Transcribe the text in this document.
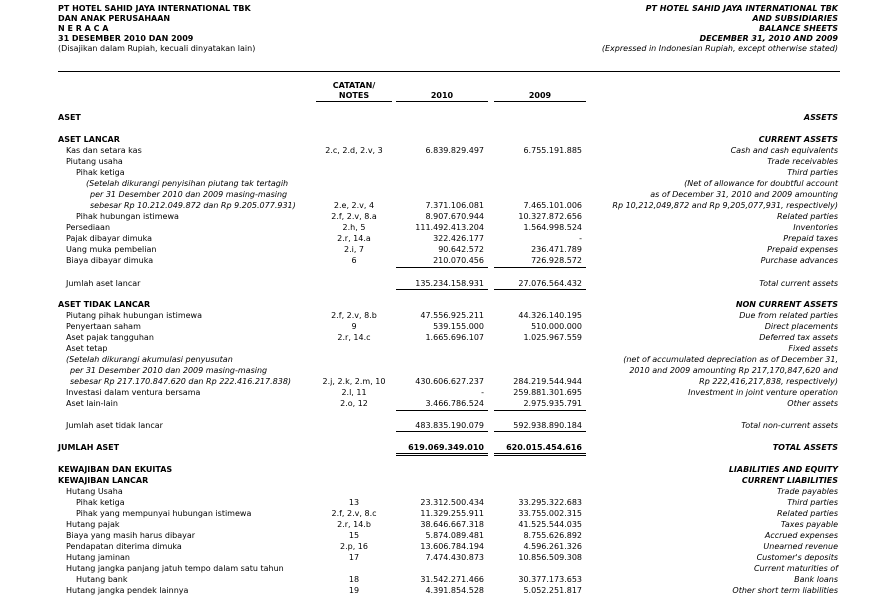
PT HOTEL SAHID JAYA INTERNATIONAL TBK
DAN ANAK PERUSAHAAN
N E R A C A
31 DESEMBER 2010 DAN 2009
(Disajikan dalam Rupiah, kecuali dinyatakan lain)
PT HOTEL SAHID JAYA INTERNATIONAL TBK
AND SUBSIDIARIES
BALANCE SHEETS
DECEMBER 31, 2010 AND 2009
(Expressed in Indonesian Rupiah, except otherwise stated)
CATATAN/
NOTES	2010	2009
ASET	ASSETS
ASET LANCAR	CURRENT ASSETS
Kas dan setara kas	2.c, 2.d, 2.v, 3	6.839.829.497	6.755.191.885	Cash and cash equivalents
Piutang usaha	Trade receivables
Pihak ketiga	Third parties
(Setelah dikurangi penyisihan piutang tak tertagih	(Net of allowance for doubtful account
per 31 Desember 2010 dan 2009 masing-masing	as of December 31, 2010 and 2009 amounting
sebesar Rp 10.212.049.872 dan Rp 9.205.077.931)	2.e, 2.v, 4	7.371.106.081	7.465.101.006	Rp 10,212,049,872 and Rp 9,205,077,931, respectively)
Pihak hubungan istimewa	2.f, 2.v, 8.a	8.907.670.944	10.327.872.656	Related parties
Persediaan	2.h, 5	111.492.413.204	1.564.998.524	Inventories
Pajak dibayar dimuka	2.r, 14.a	322.426.177	-	Prepaid taxes
Uang muka pembelian	2.i, 7	90.642.572	236.471.789	Prepaid expenses
Biaya dibayar dimuka	6	210.070.456	726.928.572	Purchase advances
Jumlah aset lancar	135.234.158.931	27.076.564.432	Total current assets
ASET TIDAK LANCAR	NON CURRENT ASSETS
Piutang pihak hubungan istimewa	2.f, 2.v, 8.b	47.556.925.211	44.326.140.195	Due from related parties
Penyertaan saham	9	539.155.000	510.000.000	Direct placements
Aset pajak tangguhan	2.r, 14.c	1.665.696.107	1.025.967.559	Deferred tax assets
Aset tetap	Fixed assets
(Setelah dikurangi akumulasi penyusutan	(net of accumulated depreciation as of December 31,
per 31 Desember 2010 dan 2009 masing-masing	2010 and 2009 amounting Rp 217,170,847,620 and
sebesar Rp 217.170.847.620 dan Rp 222.416.217.838)	2.j, 2.k, 2.m, 10	430.606.627.237	284.219.544.944	Rp 222,416,217,838, respectively)
Investasi dalam ventura bersama	2.l, 11	-	259.881.301.695	Investment in joint venture operation
Aset lain-lain	2.o, 12	3.466.786.524	2.975.935.791	Other assets
Jumlah aset tidak lancar	483.835.190.079	592.938.890.184	Total non-current assets
JUMLAH ASET	619.069.349.010	620.015.454.616	TOTAL ASSETS
KEWAJIBAN DAN EKUITAS	LIABILITIES AND EQUITY
KEWAJIBAN LANCAR	CURRENT LIABILITIES
Hutang Usaha	Trade payables
Pihak ketiga	13	23.312.500.434	33.295.322.683	Third parties
Pihak yang mempunyai hubungan istimewa	2.f, 2.v, 8.c	11.329.255.911	33.755.002.315	Related parties
Hutang pajak	2.r, 14.b	38.646.667.318	41.525.544.035	Taxes payable
Biaya yang masih harus dibayar	15	5.874.089.481	8.755.626.892	Accrued expenses
Pendapatan diterima dimuka	2.p, 16	13.606.784.194	4.596.261.326	Unearned revenue
Hutang jaminan	17	7.474.430.873	10.856.509.308	Customer's deposits
Hutang jangka panjang jatuh tempo dalam satu tahun	Current maturities of
Hutang bank	18	31.542.271.466	30.377.173.653	Bank loans
Hutang jangka pendek lainnya	19	4.391.854.528	5.052.251.817	Other short term liabilities
